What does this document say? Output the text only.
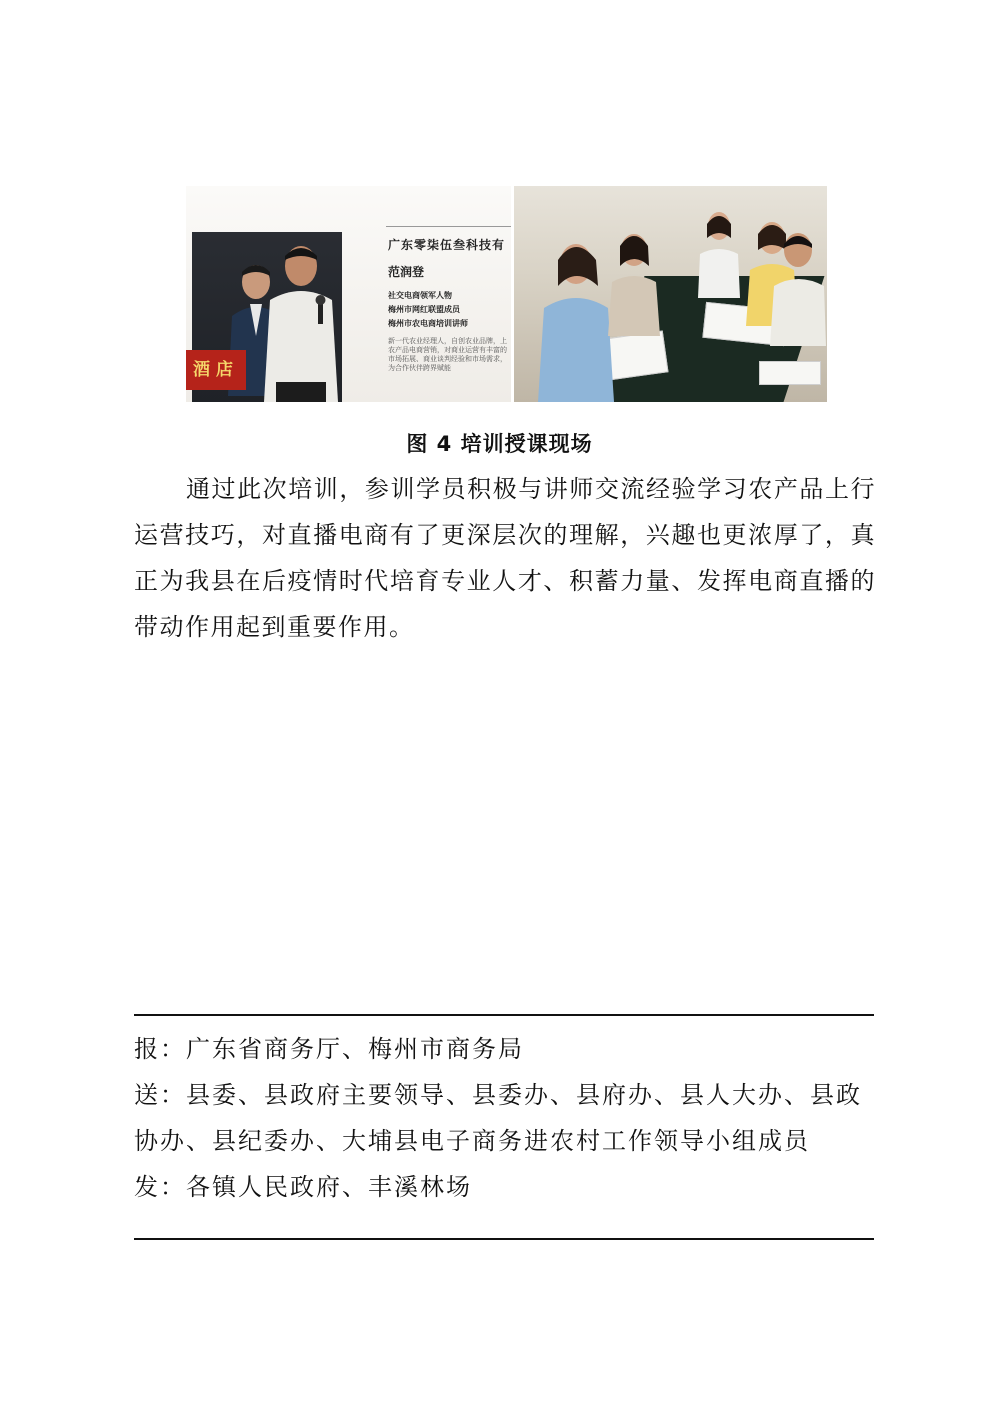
广东零柒伍叁科技有
范润登
社交电商领军人物
梅州市网红联盟成员
梅州市农电商培训讲师
新一代农业经理人，自创农业品牌，上农产品电商营销，对商业运营有丰富的市场拓展、商业谈判经验和市场需求，为合作伙伴跨界赋能
酒店
图 4 培训授课现场
通过此次培训，参训学员积极与讲师交流经验学习农产品上行运营技巧，对直播电商有了更深层次的理解，兴趣也更浓厚了，真正为我县在后疫情时代培育专业人才、积蓄力量、发挥电商直播的带动作用起到重要作用。
报：广东省商务厅、梅州市商务局
送：县委、县政府主要领导、县委办、县府办、县人大办、县政协办、县纪委办、大埔县电子商务进农村工作领导小组成员
发：各镇人民政府、丰溪林场
